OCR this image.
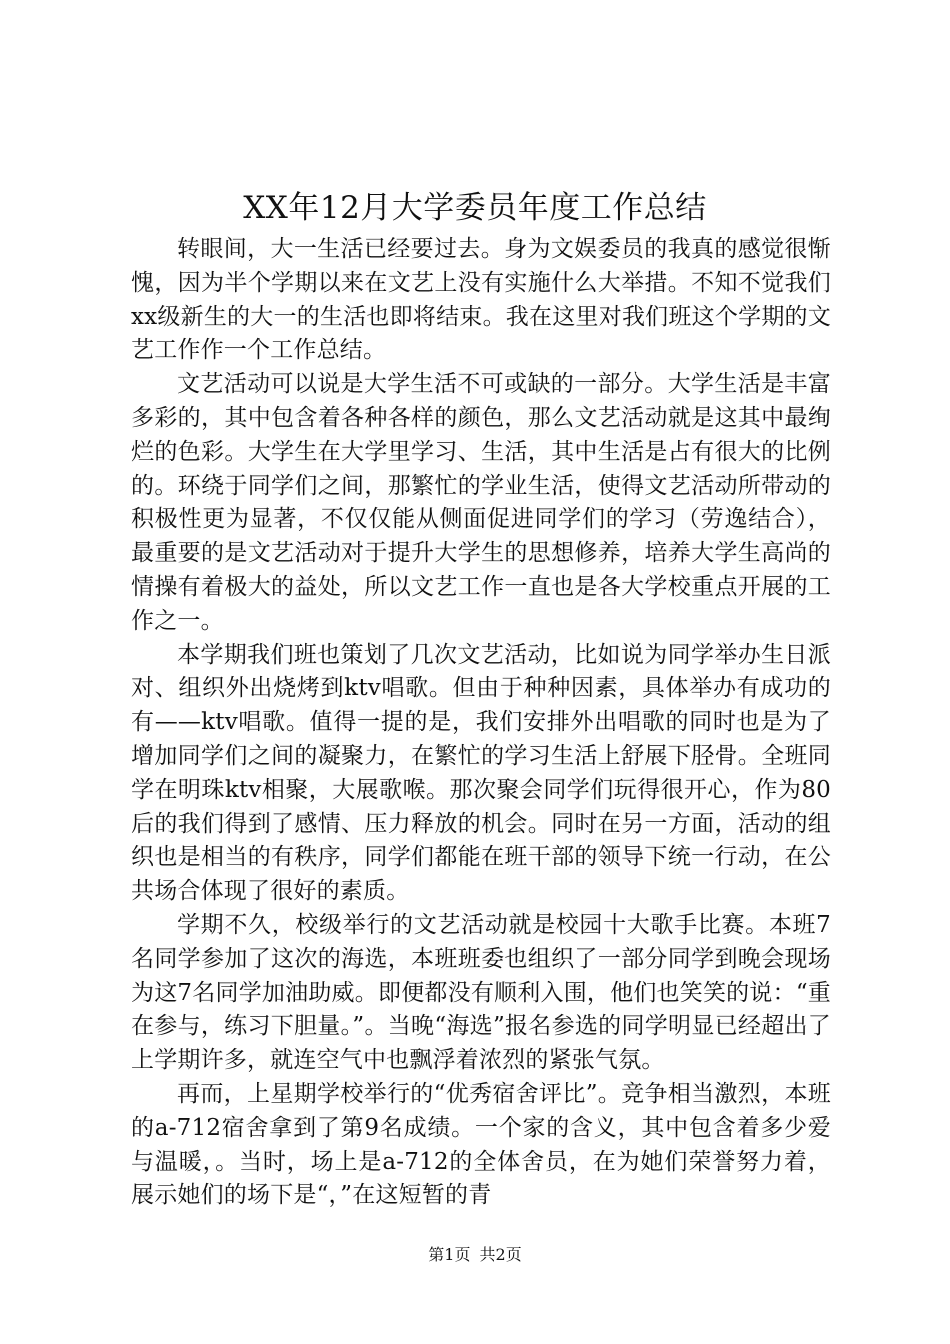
XX年12月大学委员年度工作总结

转眼间，大一生活已经要过去。身为文娱委员的我真的感觉很惭愧，因为半个学期以来在文艺上没有实施什么大举措。不知不觉我们xx级新生的大一的生活也即将结束。我在这里对我们班这个学期的文艺工作作一个工作总结。

文艺活动可以说是大学生活不可或缺的一部分。大学生活是丰富多彩的，其中包含着各种各样的颜色，那么文艺活动就是这其中最绚烂的色彩。大学生在大学里学习、生活，其中生活是占有很大的比例的。环绕于同学们之间，那繁忙的学业生活，使得文艺活动所带动的积极性更为显著，不仅仅能从侧面促进同学们的学习（劳逸结合），最重要的是文艺活动对于提升大学生的思想修养，培养大学生高尚的情操有着极大的益处，所以文艺工作一直也是各大学校重点开展的工作之一。

本学期我们班也策划了几次文艺活动，比如说为同学举办生日派对、组织外出烧烤到ktv唱歌。但由于种种因素，具体举办有成功的有——ktv唱歌。值得一提的是，我们安排外出唱歌的同时也是为了增加同学们之间的凝聚力，在繁忙的学习生活上舒展下胫骨。全班同学在明珠ktv相聚，大展歌喉。那次聚会同学们玩得很开心，作为80后的我们得到了感情、压力释放的机会。同时在另一方面，活动的组织也是相当的有秩序，同学们都能在班干部的领导下统一行动，在公共场合体现了很好的素质。

学期不久，校级举行的文艺活动就是校园十大歌手比赛。本班7名同学参加了这次的海选，本班班委也组织了一部分同学到晚会现场为这7名同学加油助威。即便都没有顺利入围，他们也笑笑的说：“重在参与，练习下胆量。”。当晚“海选”报名参选的同学明显已经超出了上学期许多，就连空气中也飘浮着浓烈的紧张气氛。

再而，上星期学校举行的“优秀宿舍评比”。竞争相当激烈，本班的a-712宿舍拿到了第9名成绩。一个家的含义，其中包含着多少爱与温暖，。当时，场上是a-712的全体舍员，在为她们荣誉努力着，展示她们的场下是“，”在这短暂的青

第1页 共2页
